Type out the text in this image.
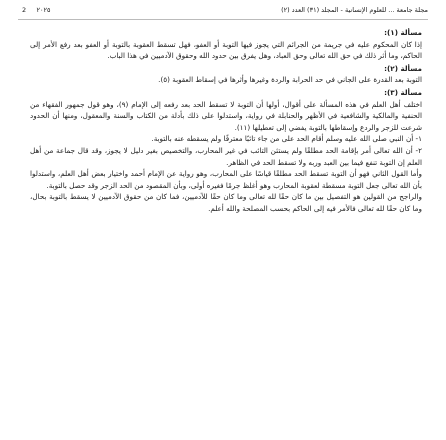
2 ٢٠٢٥	مجلة جامعة ... للعلوم الإنسانية - المجلد (٣١) العدد (٢)

مسألة (١):

إذا كان المحكوم عليه في جريمة من الجرائم التي يجوز فيها التوبة أو العفو، فهل تسقط العقوبة بالتوبة أو العفو بعد رفع الأمر إلى الحاكم، وما أثر ذلك في حق الله تعالى وحق العباد، وهل يفرق بين حدود الله وحقوق الآدميين في هذا الباب.

مسألة (٢):

التوبة بعد القدرة على الجاني في حد الحرابة والردة وغيرها وأثرها في إسقاط العقوبة (٥).

مسألة (٣):

اختلف أهل العلم في هذه المسألة على أقوال، أولها أن التوبة لا تسقط الحد بعد رفعه إلى الإمام (٩)، وهو قول جمهور الفقهاء من الحنفية والمالكية والشافعية في الأظهر والحنابلة في رواية، واستدلوا على ذلك بأدلة من الكتاب والسنة والمعقول، ومنها أن الحدود شرعت للزجر والردع وإسقاطها بالتوبة يفضي إلى تعطيلها (١١).

١- أن النبي صلى الله عليه وسلم أقام الحد على من جاء تائبًا معترفًا ولم يسقطه عنه بالتوبة.

٢- أن الله تعالى أمر بإقامة الحد مطلقًا ولم يستثن التائب في غير المحارب، والتخصيص بغير دليل لا يجوز، وقد قال جماعة من أهل العلم إن التوبة تنفع فيما بين العبد وربه ولا تسقط الحد في الظاهر.

وأما القول الثاني فهو أن التوبة تسقط الحد مطلقًا قياسًا على المحارب، وهو رواية عن الإمام أحمد واختيار بعض أهل العلم، واستدلوا بأن الله تعالى جعل التوبة مسقطة لعقوبة المحارب وهو أغلظ جرمًا فغيره أولى، وبأن المقصود من الحد الزجر وقد حصل بالتوبة.

والراجح من القولين هو التفصيل بين ما كان حقًا لله تعالى وما كان حقًا للآدميين، فما كان من حقوق الآدميين لا يسقط بالتوبة بحال، وما كان حقًا لله تعالى فالأمر فيه إلى الحاكم بحسب المصلحة والله أعلم.
